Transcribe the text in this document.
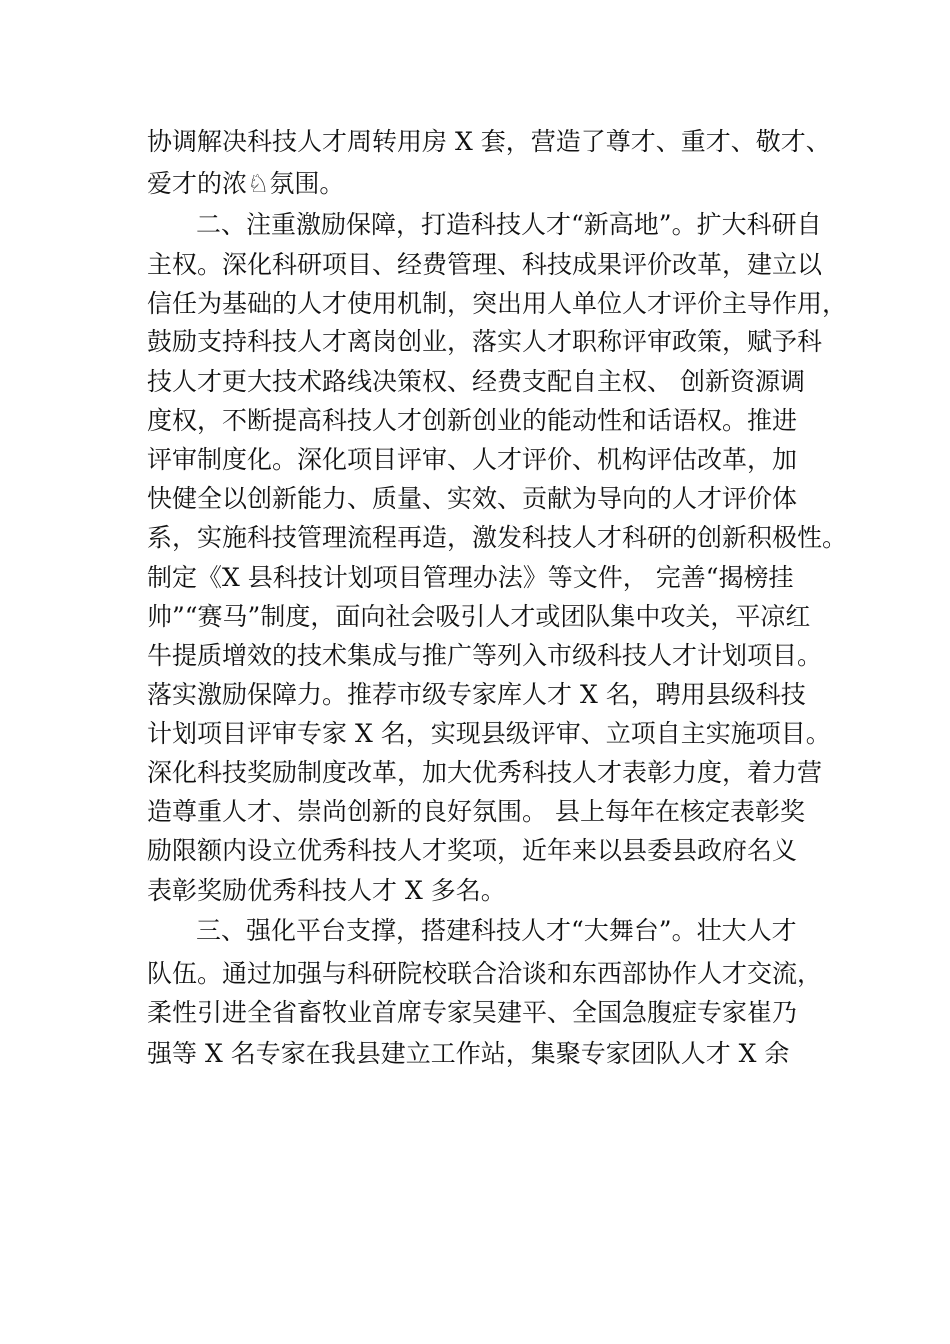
协调解决科技人才周转用房 X 套，营造了尊才、重才、敬才、

爱才的浓♘氛围。

二、注重激励保障，打造科技人才“新高地”。扩大科研自

主权。深化科研项目、经费管理、科技成果评价改革，建立以

信任为基础的人才使用机制，突出用人单位人才评价主导作用，

鼓励支持科技人才离岗创业，落实人才职称评审政策，赋予科

技人才更大技术路线决策权、经费支配自主权、 创新资源调

度权，不断提高科技人才创新创业的能动性和话语权。推进

评审制度化。深化项目评审、人才评价、机构评估改革，加

快健全以创新能力、质量、实效、贡献为导向的人才评价体

系，实施科技管理流程再造，激发科技人才科研的创新积极性。

制定《X 县科技计划项目管理办法》等文件， 完善“揭榜挂

帅”“赛马”制度，面向社会吸引人才或团队集中攻关，平凉红

牛提质增效的技术集成与推广等列入市级科技人才计划项目。

落实激励保障力。推荐市级专家库人才 X 名，聘用县级科技

计划项目评审专家 X 名，实现县级评审、立项自主实施项目。

深化科技奖励制度改革，加大优秀科技人才表彰力度，着力营

造尊重人才、崇尚创新的良好氛围。 县上每年在核定表彰奖

励限额内设立优秀科技人才奖项，近年来以县委县政府名义

表彰奖励优秀科技人才 X 多名。

三、强化平台支撑，搭建科技人才“大舞台”。壮大人才

队伍。通过加强与科研院校联合洽谈和东西部协作人才交流，

柔性引进全省畜牧业首席专家吴建平、全国急腹症专家崔乃

强等 X 名专家在我县建立工作站，集聚专家团队人才 X 余
